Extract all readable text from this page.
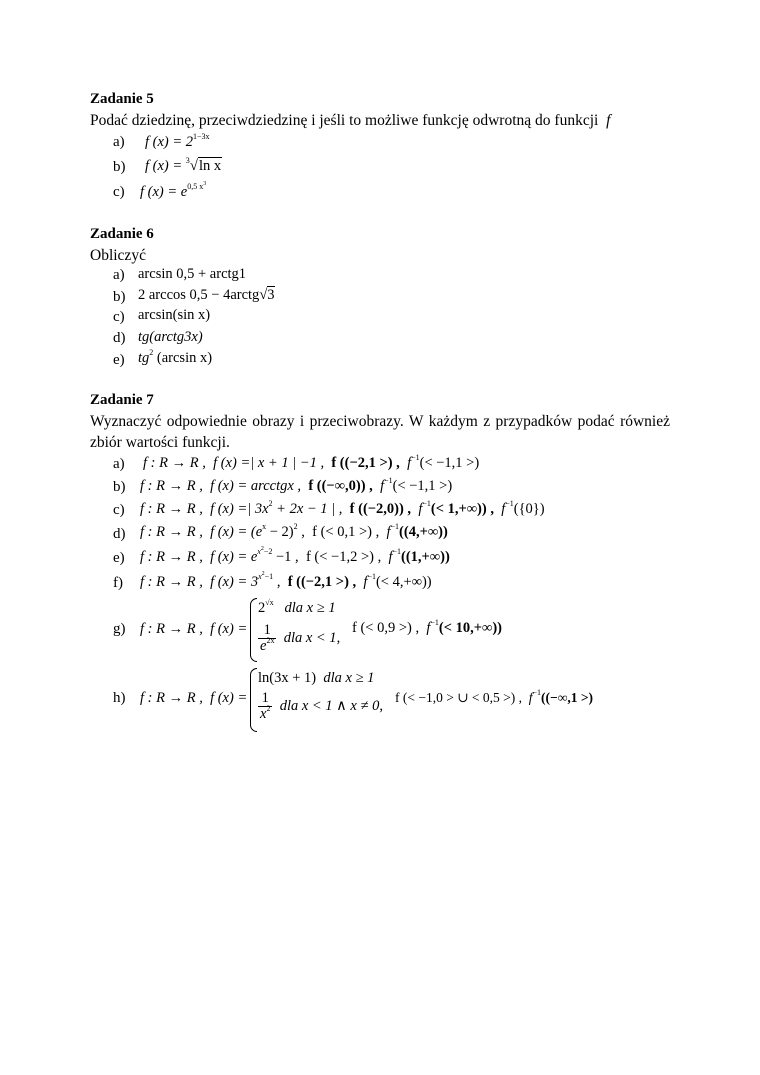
Zadanie 5
Podać dziedzinę, przeciwdziedzinę i jeśli to możliwe funkcję odwrotną do funkcji f
a) f $(x) = 2^{1-3x}$
b) f (x) = $^3$√ln x
c) f $(x) = e^{0,5 x^3}$
Zadanie 6
Obliczyć
a) arcsin 0,5 + arctg1
b) 2 arccos 0,5 − 4arctg√3
c) arcsin(sin x)
d) tg(arctg3x)
e) $tg^2$ (arcsin x)
Zadanie 7
Wyznaczyć odpowiednie obrazy i przeciwobrazy. W każdym z przypadków podać również zbiór wartości funkcji.
a) f : R → R , f (x) =| x + 1 | −1 , f ((−2,1 >) , $f^{-1}(< -1,1$ >)
b) f : R → R , f (x) = arcctgx , f ((−∞,0)) , $f^{-1}(< -1,1$ >)
c) f : R → R , f (x) =| $3x^2 + 2x - 1$ | , f ((−2,0)) , $f^{-1}(< 1,+\infty)$) , $f^{-1}(\{0\})$
d) f : R → R , f $(x) = (e^x - 2)^2$ , f (< 0,1 >) , $f^{-1}((4,+\infty))$
e) f : R → R , f $(x) = e^{x^2-2} -1$ , f (< −1,2 >) , $f^{-1}((1,+\infty))$
f) f : R → R , f $(x) = 3^{x^2-1}$ , f ((−2,1 >) , $f^{-1}(< 4,+\infty)$)
g) f : R → R , f (x) =
$2^{√x}$ dla x ≥ 1
$\frac{1}{e^{2x}}$ dla x < 1,
f (< 0,9 >) , $f^{-1}(< 10,+\infty)$)
h) f : R → R , f (x) =
ln(3x + 1) dla x ≥ 1
$\frac{1}{x^2}$ dla x < 1 ∧ x ≠ 0,
f (< −1,0 > ∪ < 0,5 >) , $f^{-1}((-\infty,1$ >)
